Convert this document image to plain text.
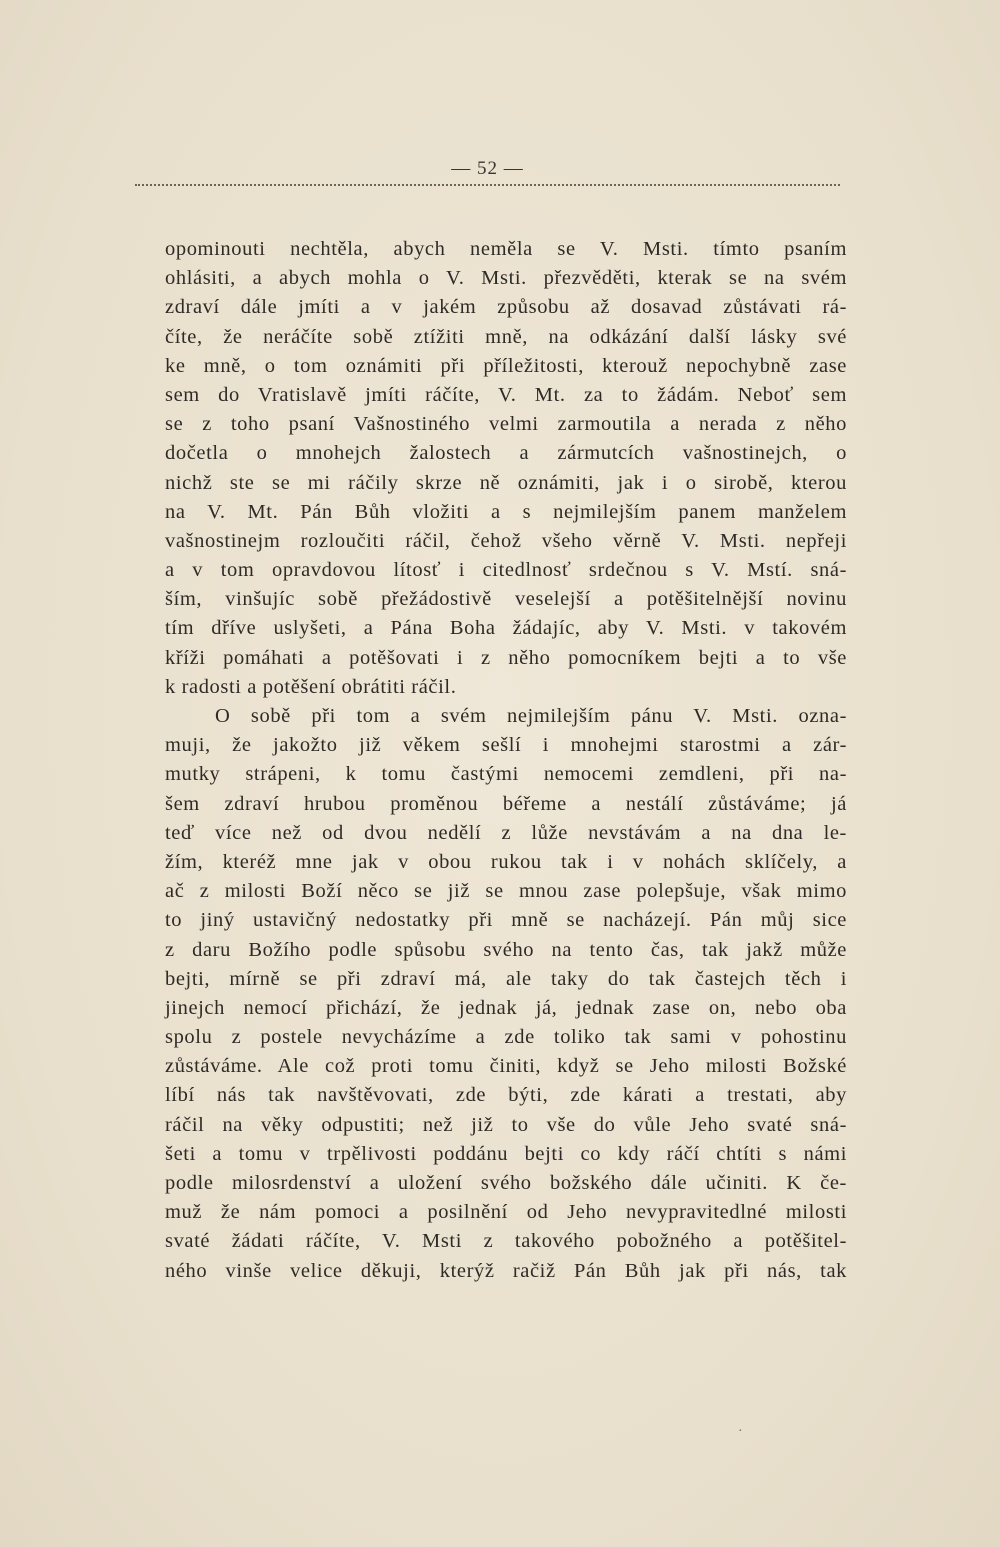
— 52 —
opominouti nechtěla, abych neměla se V. Msti. tímto psaním
ohlásiti, a abych mohla o V. Msti. přezvěděti, kterak se na svém
zdraví dále jmíti a v jakém způsobu až dosavad zůstávati rá-
číte, že neráčíte sobě ztížiti mně, na odkázání další lásky své
ke mně, o tom oznámiti při příležitosti, kterouž nepochybně zase
sem do Vratislavě jmíti ráčíte, V. Mt. za to žádám. Neboť sem
se z toho psaní Vašnostiného velmi zarmoutila a nerada z něho
dočetla o mnohejch žalostech a zármutcích vašnostinejch, o
nichž ste se mi ráčily skrze ně oznámiti, jak i o sirobě, kterou
na V. Mt. Pán Bůh vložiti a s nejmilejším panem manželem
vašnostinejm rozloučiti ráčil, čehož všeho věrně V. Msti. nepřeji
a v tom opravdovou lítosť i citedlnosť srdečnou s V. Mstí. sná-
ším, vinšujíc sobě přežádostivě veselejší a potěšitelnější novinu
tím dříve uslyšeti, a Pána Boha žádajíc, aby V. Msti. v takovém
kříži pomáhati a potěšovati i z něho pomocníkem bejti a to vše
k radosti a potěšení obrátiti ráčil.
O sobě při tom a svém nejmilejším pánu V. Msti. ozna-
muji, že jakožto již věkem sešlí i mnohejmi starostmi a zár-
mutky strápeni, k tomu častými nemocemi zemdleni, při na-
šem zdraví hrubou proměnou béřeme a nestálí zůstáváme; já
teď více než od dvou nedělí z lůže nevstávám a na dna le-
žím, kteréž mne jak v obou rukou tak i v nohách sklíčely, a
ač z milosti Boží něco se již se mnou zase polepšuje, však mimo
to jiný ustavičný nedostatky při mně se nacházejí. Pán můj sice
z daru Božího podle spůsobu svého na tento čas, tak jakž může
bejti, mírně se při zdraví má, ale taky do tak častejch těch i
jinejch nemocí přichází, že jednak já, jednak zase on, nebo oba
spolu z postele nevycházíme a zde toliko tak sami v pohostinu
zůstáváme. Ale což proti tomu činiti, když se Jeho milosti Božské
líbí nás tak navštěvovati, zde býti, zde kárati a trestati, aby
ráčil na věky odpustiti; než již to vše do vůle Jeho svaté sná-
šeti a tomu v trpělivosti poddánu bejti co kdy ráčí chtíti s námi
podle milosrdenství a uložení svého božského dále učiniti. K če-
muž že nám pomoci a posilnění od Jeho nevypravitedlné milosti
svaté žádati ráčíte, V. Msti z takového pobožného a potěšitel-
ného vinše velice děkuji, kterýž račiž Pán Bůh jak při nás, tak
·
